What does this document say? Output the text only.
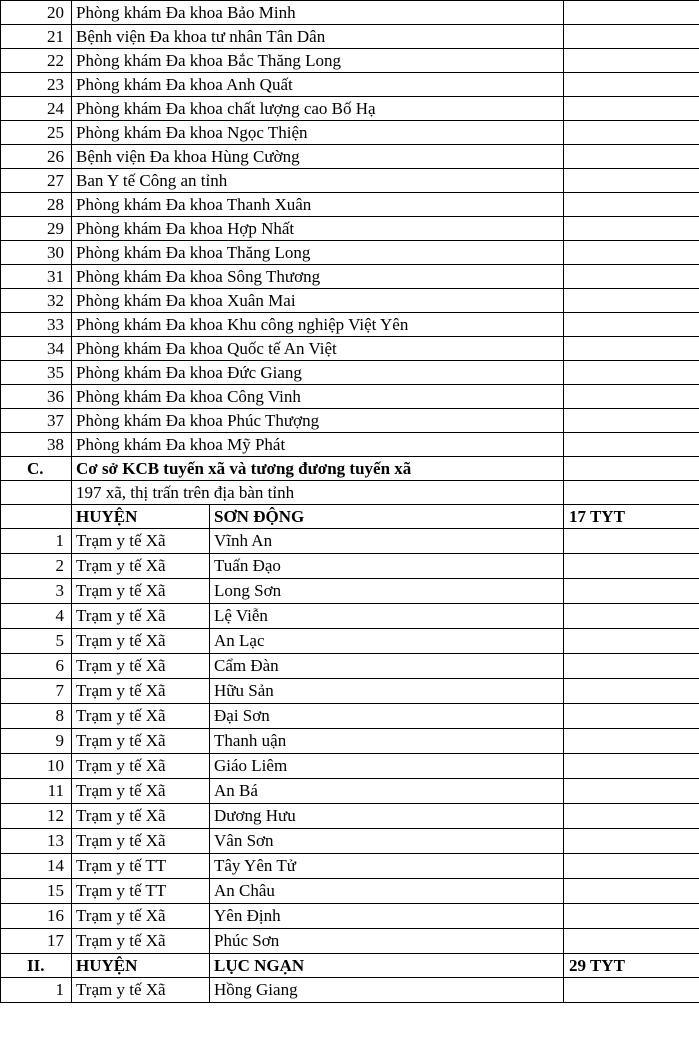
20	Phòng khám Đa khoa Bảo Minh		
21	Bệnh viện Đa khoa tư nhân Tân Dân		
22	Phòng khám Đa khoa Bắc Thăng Long		
23	Phòng khám Đa khoa Anh Quất		
24	Phòng khám Đa khoa chất lượng cao Bố Hạ		
25	Phòng khám Đa khoa Ngọc Thiện		
26	Bệnh viện Đa khoa Hùng Cường		
27	Ban Y tế Công an tỉnh		
28	Phòng khám Đa khoa Thanh Xuân		
29	Phòng khám Đa khoa Hợp Nhất		
30	Phòng khám Đa khoa Thăng Long		
31	Phòng khám Đa khoa Sông Thương		
32	Phòng khám Đa khoa Xuân Mai		
33	Phòng khám Đa khoa Khu công nghiệp Việt Yên		
34	Phòng khám Đa khoa Quốc tế An Việt		
35	Phòng khám Đa khoa Đức Giang		
36	Phòng khám Đa khoa Công Vinh		
37	Phòng khám Đa khoa Phúc Thượng		
38	Phòng khám Đa khoa Mỹ Phát		
C.	Cơ sở KCB tuyến xã và tương đương tuyến xã		
	197 xã, thị trấn trên địa bàn tỉnh		
	HUYỆN	SƠN ĐỘNG	17 TYT
1	Trạm y tế Xã	Vĩnh An	
2	Trạm y tế Xã	Tuấn Đạo	
3	Trạm y tế Xã	Long Sơn	
4	Trạm y tế Xã	Lệ Viễn	
5	Trạm y tế Xã	An Lạc	
6	Trạm y tế Xã	Cẩm Đàn	
7	Trạm y tế Xã	Hữu Sản	
8	Trạm y tế Xã	Đại Sơn	
9	Trạm y tế Xã	Thanh uận	
10	Trạm y tế Xã	Giáo Liêm	
11	Trạm y tế Xã	An Bá	
12	Trạm y tế Xã	Dương Hưu	
13	Trạm y tế Xã	Vân Sơn	
14	Trạm y tế TT	Tây Yên Tử	
15	Trạm y tế TT	An Châu	
16	Trạm y tế Xã	Yên Định	
17	Trạm y tế Xã	Phúc Sơn	
II.	HUYỆN	LỤC NGẠN	29 TYT
1	Trạm y tế Xã	Hồng Giang	
